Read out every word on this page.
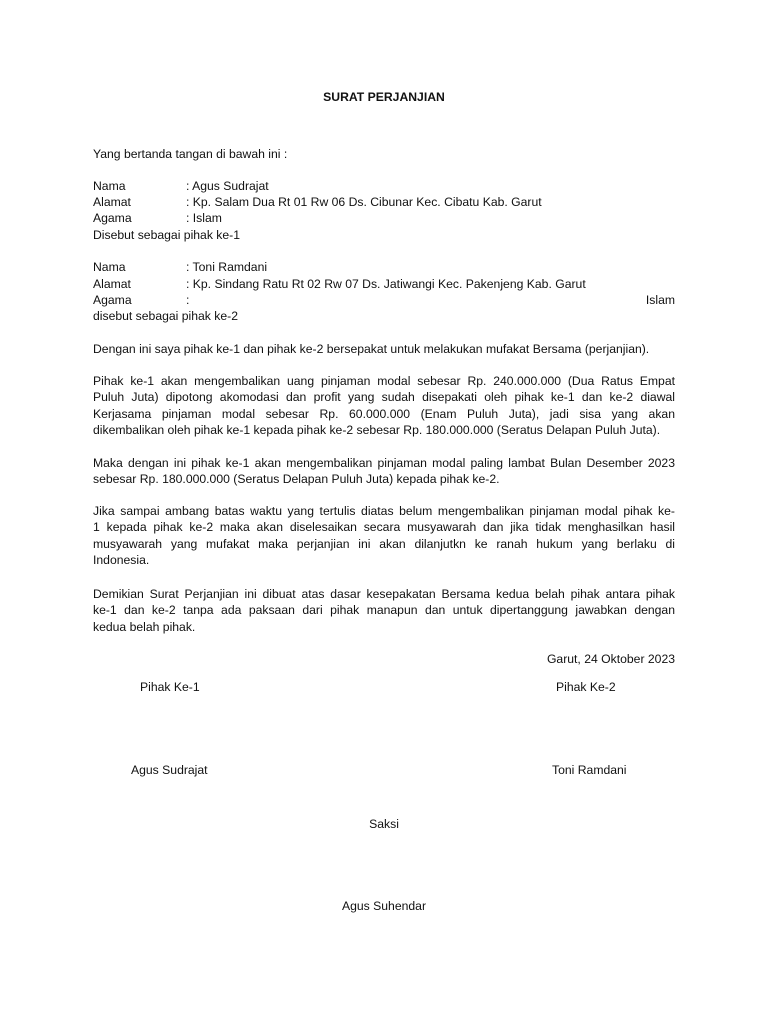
SURAT PERJANJIAN
Yang bertanda tangan di bawah ini :
Nama	: Agus Sudrajat
Alamat	: Kp. Salam Dua Rt 01 Rw 06 Ds. Cibunar Kec. Cibatu Kab. Garut
Agama	: Islam
Disebut sebagai pihak ke-1
Nama	: Toni Ramdani
Alamat	: Kp. Sindang Ratu Rt 02 Rw 07 Ds. Jatiwangi Kec. Pakenjeng Kab. Garut
Agama	:	Islam
disebut sebagai pihak ke-2
Dengan ini saya pihak ke-1 dan pihak ke-2 bersepakat untuk melakukan mufakat Bersama (perjanjian).
Pihak ke-1 akan mengembalikan uang pinjaman modal sebesar Rp. 240.000.000 (Dua Ratus Empat
Puluh Juta) dipotong akomodasi dan profit yang sudah disepakati oleh pihak ke-1 dan ke-2 diawal
Kerjasama pinjaman modal sebesar Rp. 60.000.000 (Enam Puluh Juta), jadi sisa yang akan
dikembalikan oleh pihak ke-1 kepada pihak ke-2 sebesar Rp. 180.000.000 (Seratus Delapan Puluh Juta).
Maka dengan ini pihak ke-1 akan mengembalikan pinjaman modal paling lambat Bulan Desember 2023
sebesar Rp. 180.000.000 (Seratus Delapan Puluh Juta) kepada pihak ke-2.
Jika sampai ambang batas waktu yang tertulis diatas belum mengembalikan pinjaman modal pihak ke-
1 kepada pihak ke-2 maka akan diselesaikan secara musyawarah dan jika tidak menghasilkan hasil
musyawarah yang mufakat maka perjanjian ini akan dilanjutkn ke ranah hukum yang berlaku di
Indonesia.
Demikian Surat Perjanjian ini dibuat atas dasar kesepakatan Bersama kedua belah pihak antara pihak
ke-1 dan ke-2 tanpa ada paksaan dari pihak manapun dan untuk dipertanggung jawabkan dengan
kedua belah pihak.
Garut, 24 Oktober 2023
Pihak Ke-1	Pihak Ke-2
Agus Sudrajat	Toni Ramdani
Saksi
Agus Suhendar
